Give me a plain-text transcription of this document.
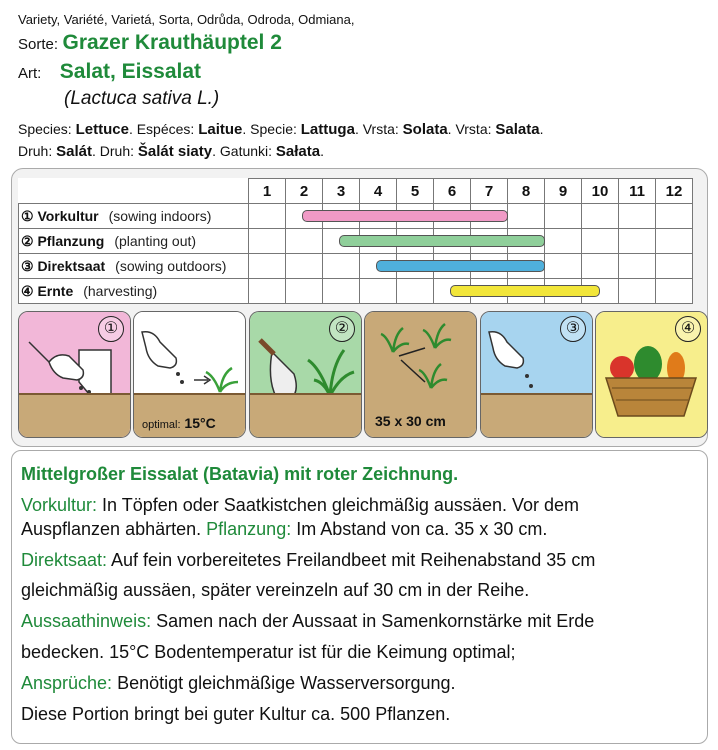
Variety, Variété, Varietá, Sorta, Odrůda, Odroda, Odmiana,
Sorte: Grazer Krauthäuptel 2
Art: Salat, Eissalat
(Lactuca sativa L.)
Species: Lettuce. Espéces: Laitue. Specie: Lattuga. Vrsta: Solata. Vrsta: Salata.
Druh: Salát. Druh: Šalát siaty. Gatunki: Sałata.
	1	2	3	4	5	6	7	8	9	10	11	12
① Vorkultur (sowing indoors)												
② Pflanzung (planting out)												
③ Direktsaat (sowing outdoors)												
④ Ernte (harvesting)												
①
optimal: 15°C
②
35 x 30 cm
③	④

Mittelgroßer Eissalat (Batavia) mit roter Zeichnung.

Vorkultur: In Töpfen oder Saatkistchen gleichmäßig aussäen. Vor dem

Auspflanzen abhärten. Pflanzung: Im Abstand von ca. 35 x 30 cm.

Direktsaat: Auf fein vorbereitetes Freilandbeet mit Reihenabstand 35 cm

gleichmäßig aussäen, später vereinzeln auf 30 cm in der Reihe.

Aussaathinweis: Samen nach der Aussaat in Samenkornstärke mit Erde

bedecken. 15°C Bodentemperatur ist für die Keimung optimal;

Ansprüche: Benötigt gleichmäßige Wasserversorgung.

Diese Portion bringt bei guter Kultur ca. 500 Pflanzen.
